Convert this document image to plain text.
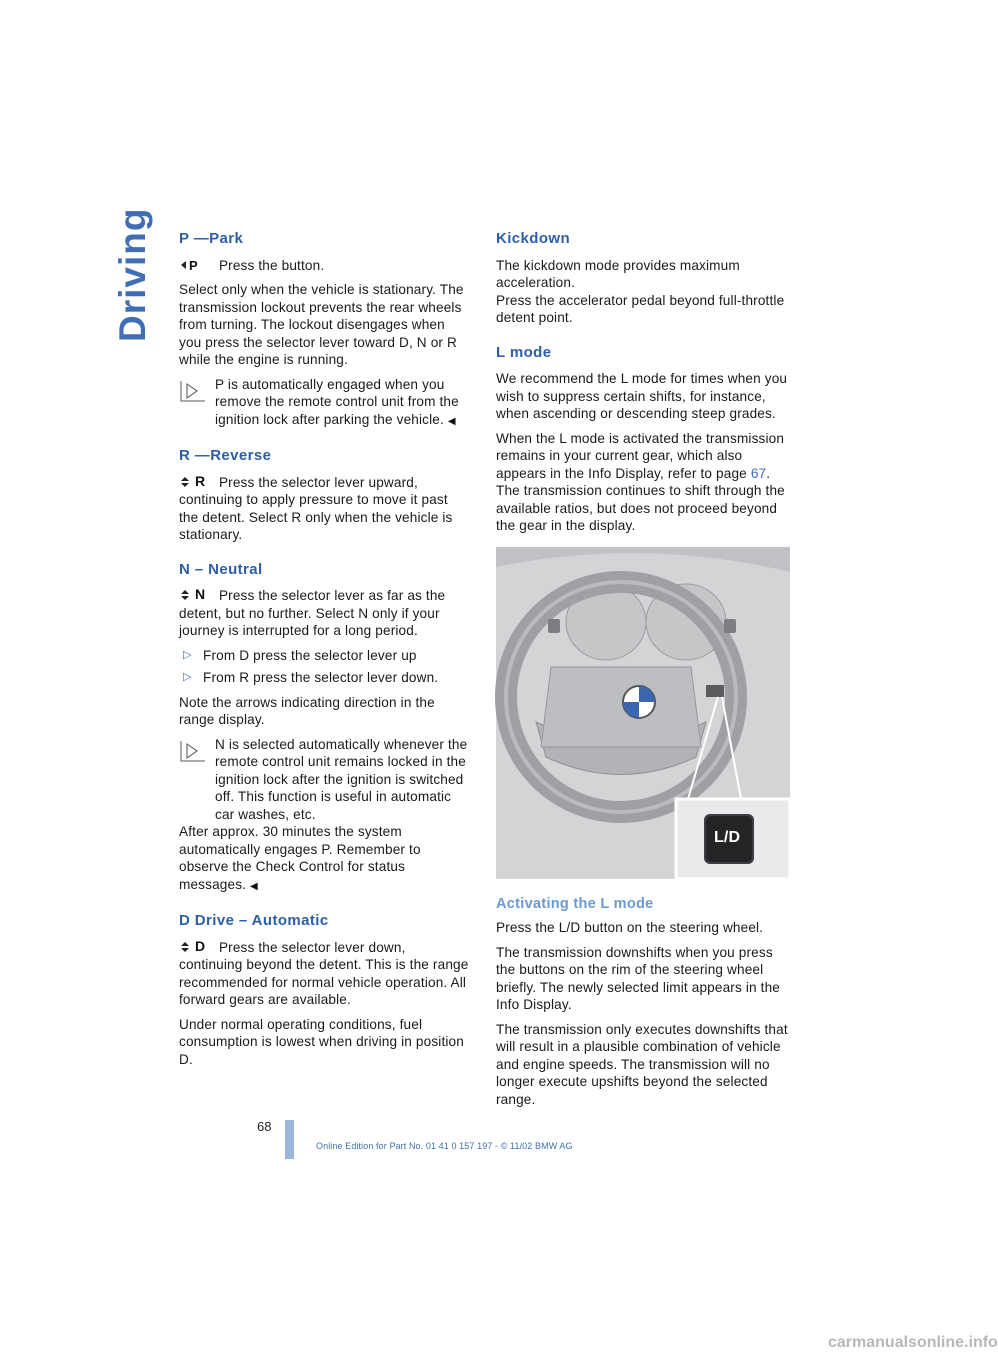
Driving P —Park

P Press the button.

Select only when the vehicle is stationary. The transmission lockout prevents the rear wheels from turning. The lockout disengages when you press the selector lever toward D, N or R while the engine is running.

P is automatically engaged when you remove the remote control unit from the ignition lock after parking the vehicle. ◀
R —Reverse

R Press the selector lever upward, continuing to apply pressure to move it past the detent. Select R only when the vehicle is stationary.

N – Neutral

N Press the selector lever as far as the detent, but no further. Select N only if your journey is interrupted for a long period.

▷ From D press the selector lever up
▷ From R press the selector lever down.

Note the arrows indicating direction in the range display.

N is selected automatically whenever the remote control unit remains locked in the ignition lock after the ignition is switched off. This function is useful in automatic car washes, etc.
After approx. 30 minutes the system automatically engages P. Remember to observe the Check Control for status messages. ◀
D Drive – Automatic

D Press the selector lever down, continuing beyond the detent. This is the range recommended for normal vehicle operation. All forward gears are available.

Under normal operating conditions, fuel consumption is lowest when driving in position D.

Kickdown

The kickdown mode provides maximum acceleration.
Press the accelerator pedal beyond full-throttle detent point.

L mode

We recommend the L mode for times when you wish to suppress certain shifts, for instance, when ascending or descending steep grades.

When the L mode is activated the transmission remains in your current gear, which also appears in the Info Display, refer to page 67. The transmission continues to shift through the available ratios, but does not proceed beyond the gear in the display.

L/D
Activating the L mode

Press the L/D button on the steering wheel.

The transmission downshifts when you press the buttons on the rim of the steering wheel briefly. The newly selected limit appears in the Info Display.

The transmission only executes downshifts that will result in a plausible combination of vehicle and engine speeds. The transmission will no longer execute upshifts beyond the selected range.

68
Online Edition for Part No. 01 41 0 157 197 - © 11/02 BMW AG
carmanualsonline.info
